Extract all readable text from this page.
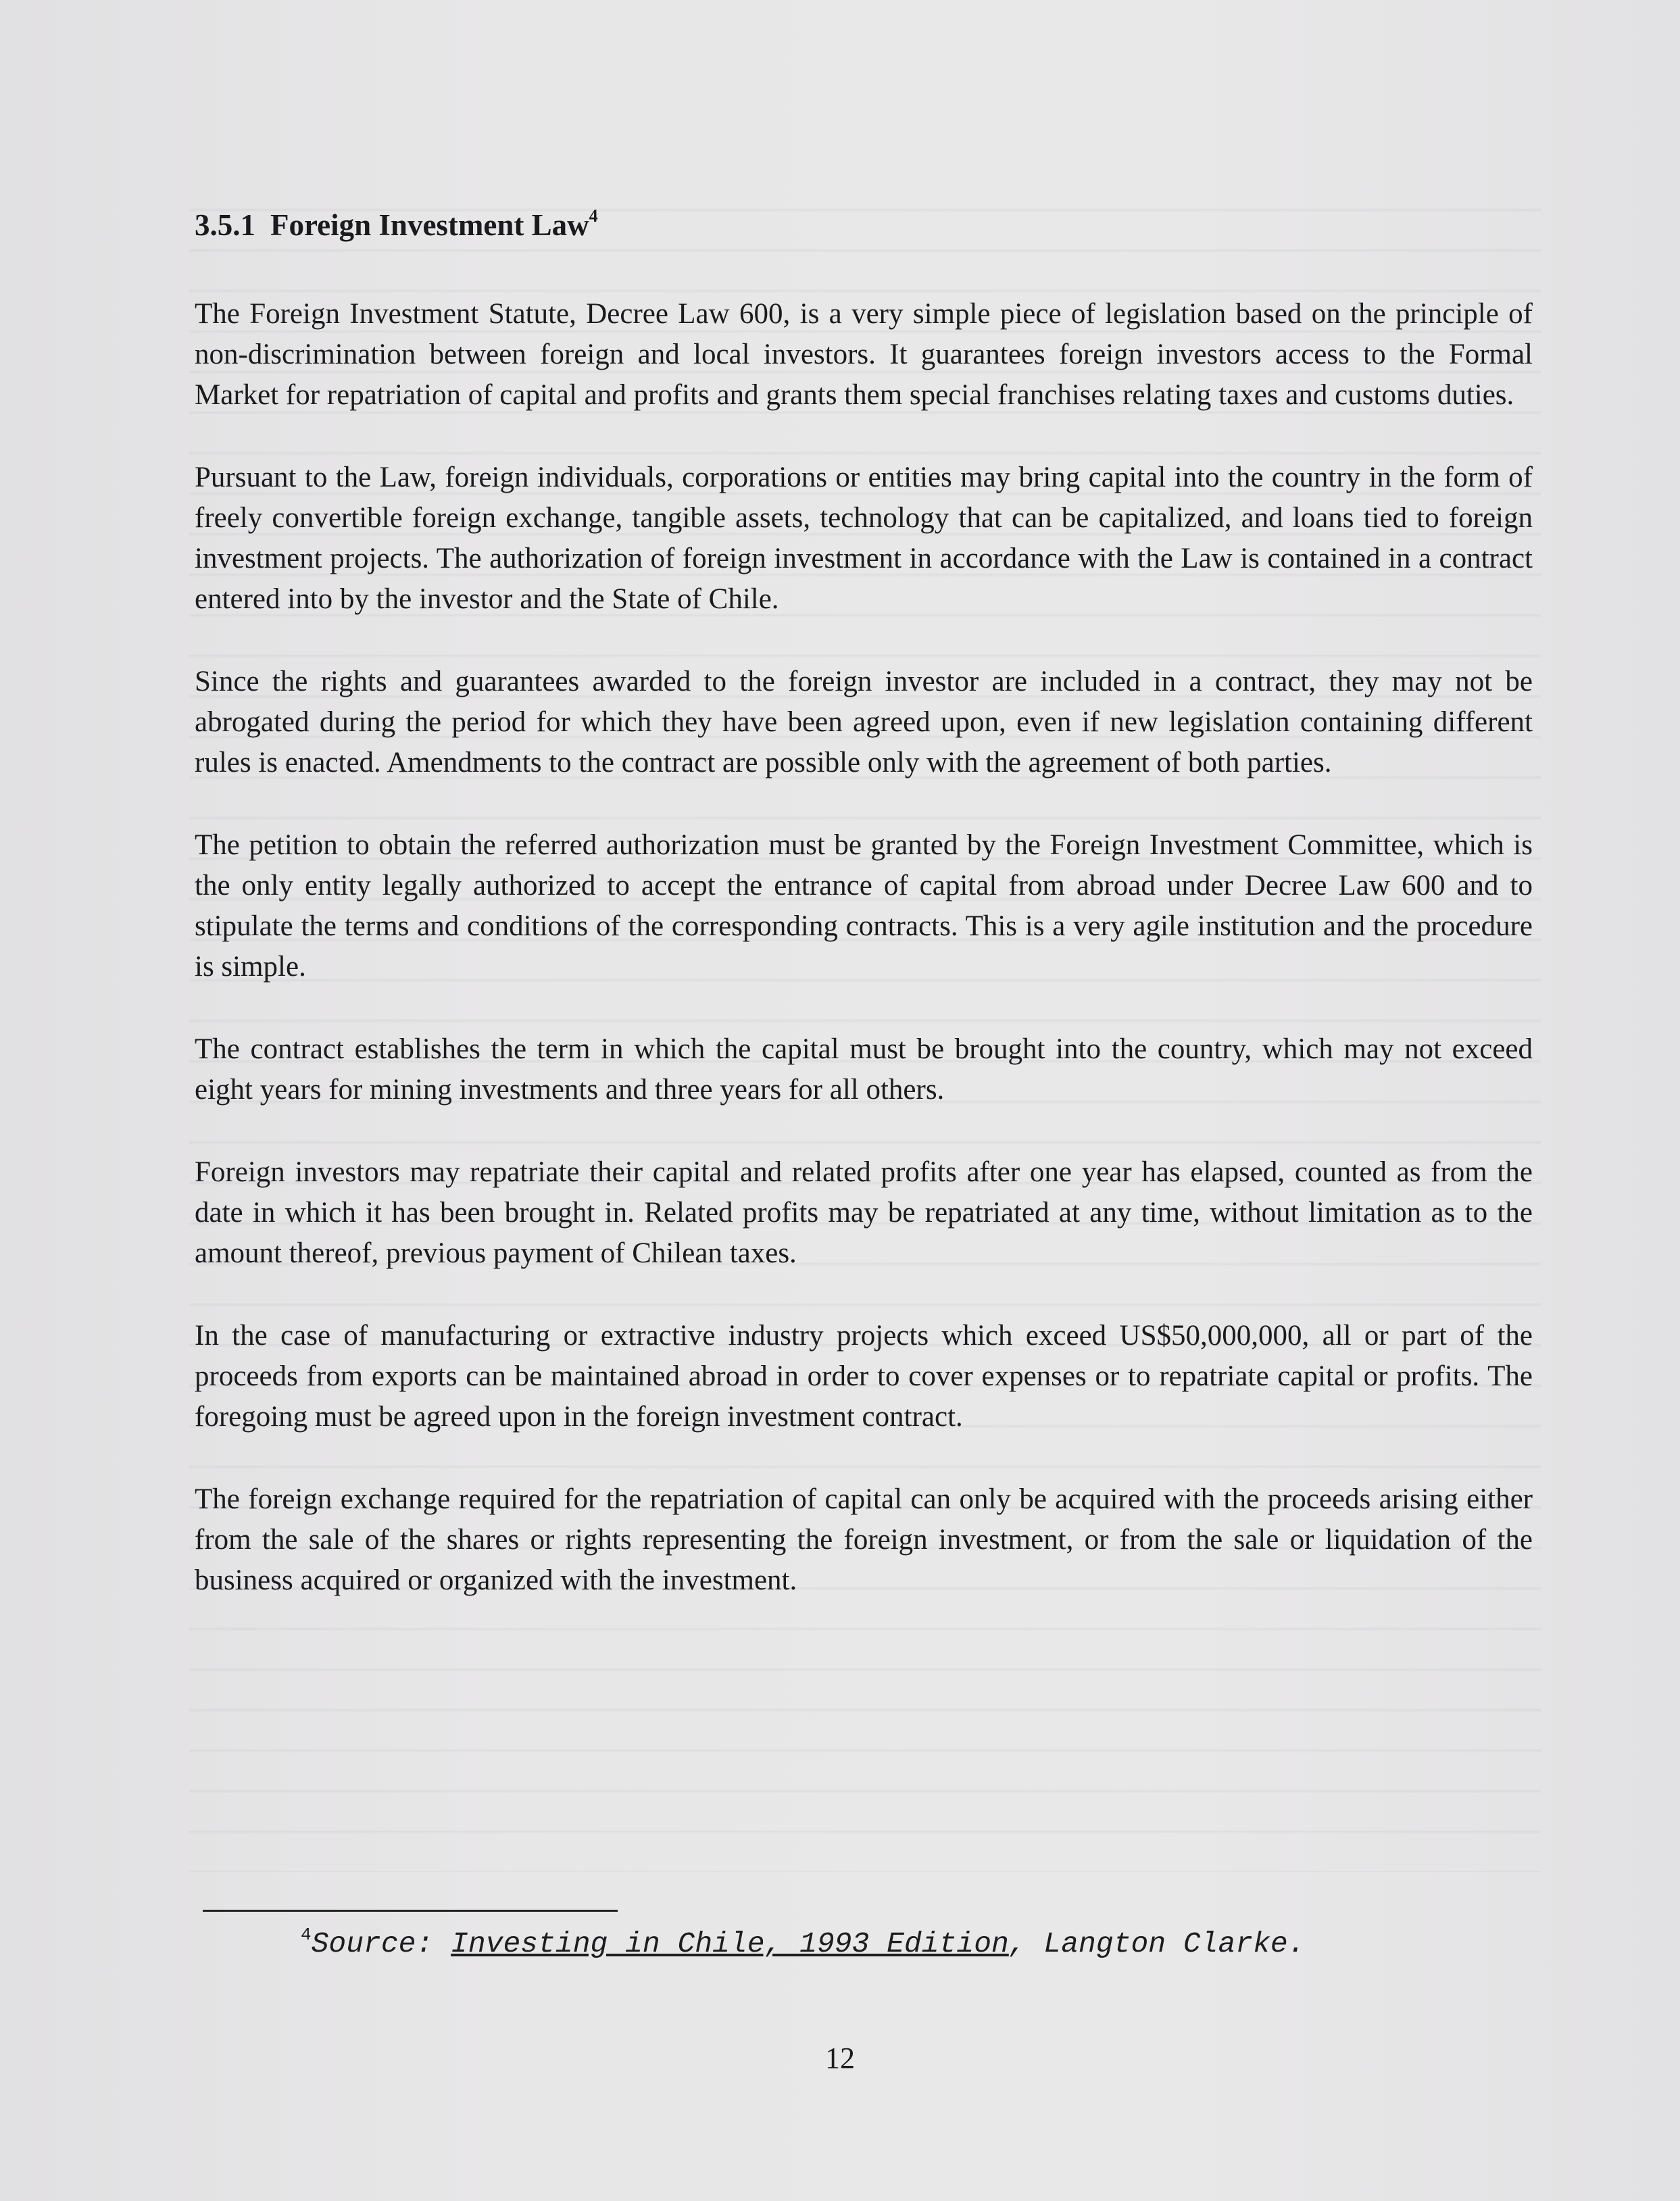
3.5.1 Foreign Investment Law$^4$

The Foreign Investment Statute, Decree Law 600, is a very simple piece of legislation based on the principle of non-discrimination between foreign and local investors. It guarantees foreign investors access to the Formal Market for repatriation of capital and profits and grants them special franchises relating taxes and customs duties.

Pursuant to the Law, foreign individuals, corporations or entities may bring capital into the country in the form of freely convertible foreign exchange, tangible assets, technology that can be capitalized, and loans tied to foreign investment projects. The authorization of foreign investment in accordance with the Law is contained in a contract entered into by the investor and the State of Chile.

Since the rights and guarantees awarded to the foreign investor are included in a contract, they may not be abrogated during the period for which they have been agreed upon, even if new legislation containing different rules is enacted. Amendments to the contract are possible only with the agreement of both parties.

The petition to obtain the referred authorization must be granted by the Foreign Investment Committee, which is the only entity legally authorized to accept the entrance of capital from abroad under Decree Law 600 and to stipulate the terms and conditions of the corresponding contracts. This is a very agile institution and the procedure is simple.

The contract establishes the term in which the capital must be brought into the country, which may not exceed eight years for mining investments and three years for all others.

Foreign investors may repatriate their capital and related profits after one year has elapsed, counted as from the date in which it has been brought in. Related profits may be repatriated at any time, without limitation as to the amount thereof, previous payment of Chilean taxes.

In the case of manufacturing or extractive industry projects which exceed US$50,000,000, all or part of the proceeds from exports can be maintained abroad in order to cover expenses or to repatriate capital or profits. The foregoing must be agreed upon in the foreign investment contract.

The foreign exchange required for the repatriation of capital can only be acquired with the proceeds arising either from the sale of the shares or rights representing the foreign investment, or from the sale or liquidation of the business acquired or organized with the investment.

$^4$Source: Investing in Chile, 1993 Edition, Langton Clarke.
12
